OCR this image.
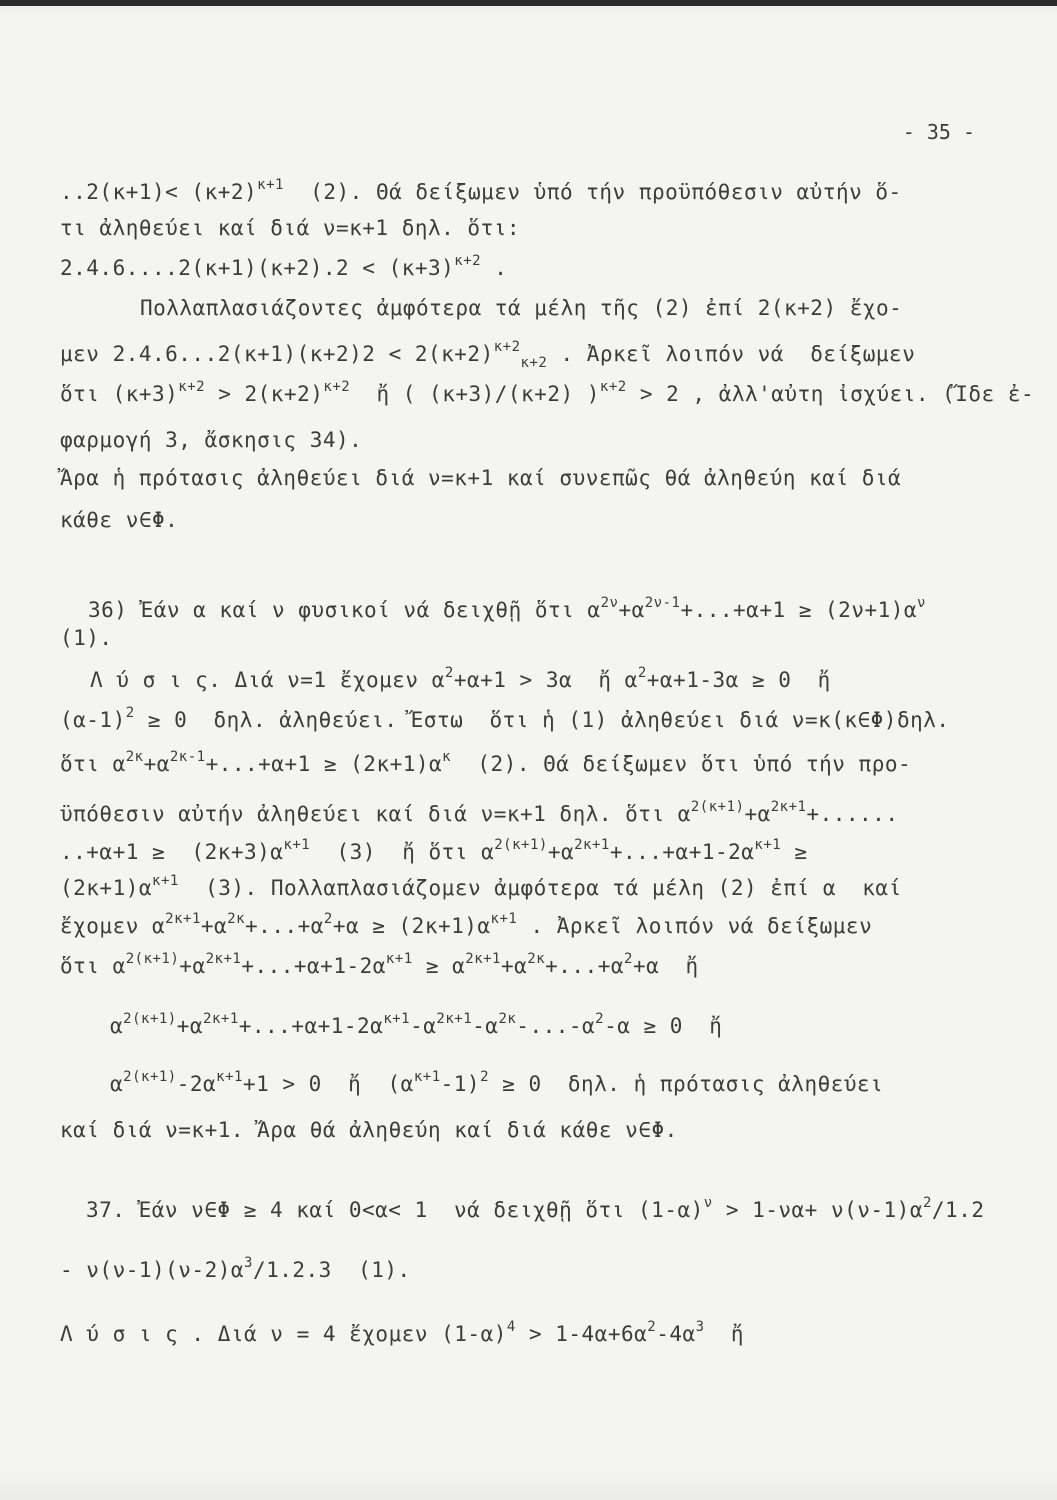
- 35 -
$..2(\kappa+1)< (\kappa+2)^{\kappa+1}$  (2). Θά δείξωμεν ὑπό τήν προϋπόθεσιν αὐτήν ὅ-
τι ἀληθεύει καί διά ν=κ+1 δηλ. ὅτι:
$2.4.6....2(\kappa+1)(\kappa+2).2 < (\kappa+3)^{\kappa+2}$ .
Πολλαπλασιάζοντες ἀμφότερα τά μέλη τῆς (2) ἐπί 2(κ+2) ἔχο-
μεν $2.4.6...2(\kappa+1)(\kappa+2)2 < 2(\kappa+2)^{\kappa+2}_{\kappa+2}$ . Ἀρκεῖ λοιπόν νά  δείξωμεν
ὅτι $(\kappa+3)^{\kappa+2} > 2(\kappa+2)^{\kappa+2}$  ἤ ( (κ+3)/(κ+2) )$^{\kappa+2}$ > 2 , ἀλλ'αὐτη ἰσχύει. (Ἴδε ἐ-
φαρμογή 3, ἄσκησις 34).
Ἄρα ἡ πρότασις ἀληθεύει διά ν=κ+1 καί συνεπῶς θά ἀληθεύη καί διά
κάθε ν∈Φ.
36) Ἐάν α καί ν φυσικοί νά δειχθῇ ὅτι $\alpha^{2\nu}+\alpha^{2\nu-1}+...+\alpha+1 \ge (2\nu+1)\alpha^\nu$
(1).
Λ ύ σ ι ς. Διά ν=1 ἔχομεν $\alpha^2+\alpha+1 > 3\alpha$  ἤ $\alpha^2+\alpha+1-3\alpha \ge 0$  ἤ
$(\alpha-1)^2 \ge 0$  δηλ. ἀληθεύει. Ἔστω  ὅτι ἡ (1) ἀληθεύει διά ν=κ(κ∈Φ)δηλ.
ὅτι $\alpha^{2\kappa}+\alpha^{2\kappa-1}+...+\alpha+1 \ge (2\kappa+1)\alpha^\kappa$  (2). Θά δείξωμεν ὅτι ὑπό τήν προ-
ϋπόθεσιν αὐτήν ἀληθεύει καί διά ν=κ+1 δηλ. ὅτι $\alpha^{2(\kappa+1)}+\alpha^{2\kappa+1}+$......
$..+\alpha+1 \ge (2\kappa+3)\alpha^{\kappa+1}$  (3)  ἤ ὅτι $\alpha^{2(\kappa+1)}+\alpha^{2\kappa+1}+...+\alpha+1-2\alpha^{\kappa+1}$ ≥
$(2\kappa+1)\alpha^{\kappa+1}$  (3). Πολλαπλασιάζομεν ἀμφότερα τά μέλη (2) ἐπί α  καί
ἔχομεν $\alpha^{2\kappa+1}+\alpha^{2\kappa}+...+\alpha^2+\alpha \ge (2\kappa+1)\alpha^{\kappa+1}$ . Ἀρκεῖ λοιπόν νά δείξωμεν
ὅτι $\alpha^{2(\kappa+1)}+\alpha^{2\kappa+1}+...+\alpha+1-2\alpha^{\kappa+1} \ge \alpha^{2\kappa+1}+\alpha^{2\kappa}+...+\alpha^2+\alpha$  ἤ
$\alpha^{2(\kappa+1)}+\alpha^{2\kappa+1}+...+\alpha+1-2\alpha^{\kappa+1}-\alpha^{2\kappa+1}-\alpha^{2\kappa}-...-\alpha^2-\alpha \ge 0$  ἤ
$\alpha^{2(\kappa+1)}-2\alpha^{\kappa+1}+1 > 0$  ἤ  $(\alpha^{\kappa+1}-1)^2 \ge 0$  δηλ. ἡ πρότασις ἀληθεύει
καί διά ν=κ+1. Ἄρα θά ἀληθεύη καί διά κάθε ν∈Φ.
37. Ἐάν ν∈Φ ≥ 4 καί 0<α< 1  νά δειχθῇ ὅτι $(1-\alpha)^\nu > 1-\nu\alpha+ \nu(\nu-1)\alpha^2/1.2$
- $\nu(\nu-1)(\nu-2)\alpha^3/1.2.3$  (1).
Λ ύ σ ι ς . Διά ν = 4 ἔχομεν $(1-\alpha)^4 > 1-4\alpha+6\alpha^2-4\alpha^3$  ἤ
